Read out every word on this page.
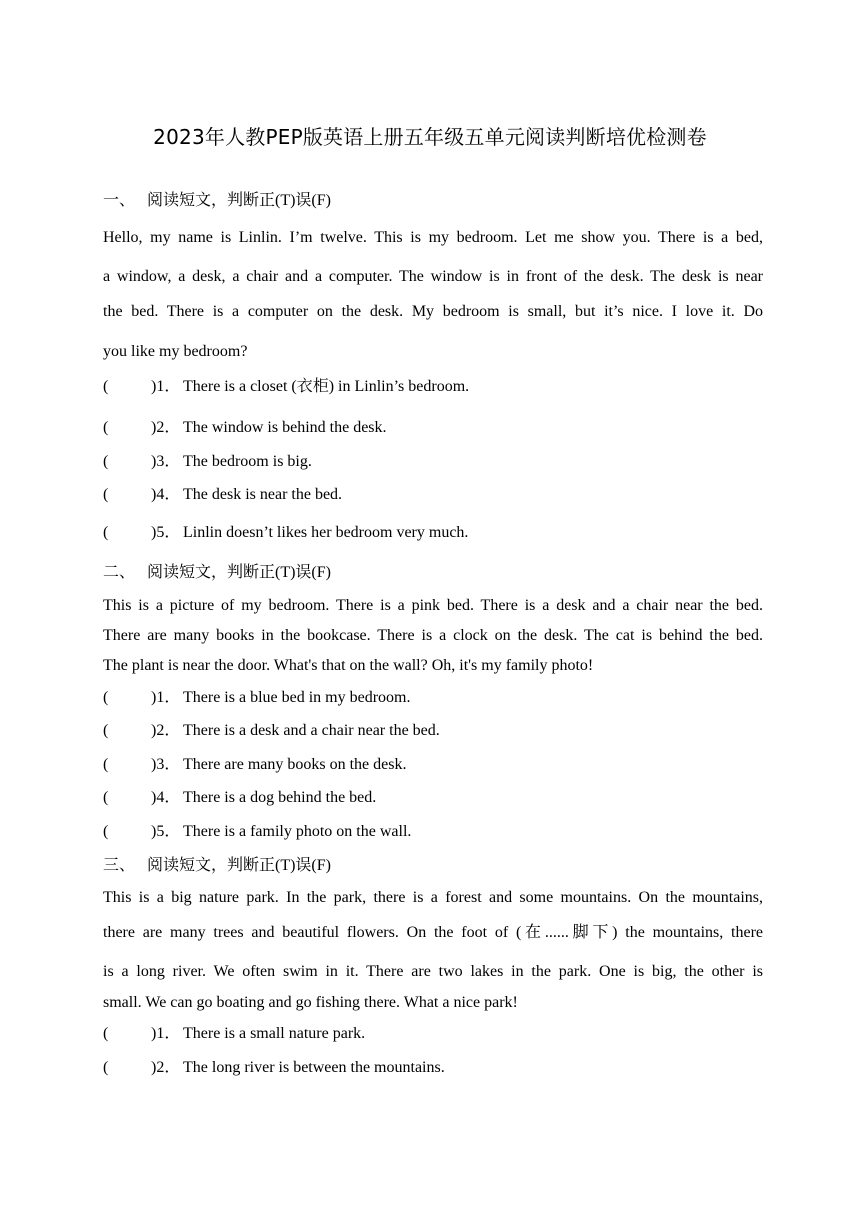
2023年人教PEP版英语上册五年级五单元阅读判断培优检测卷
一、 阅读短文，判断正(T)误(F)
Hello, my name is Linlin. I’m twelve. This is my bedroom. Let me show you. There is a bed,
a window, a desk, a chair and a computer. The window is in front of the desk. The desk is near
the bed. There is a computer on the desk. My bedroom is small, but it’s nice. I love it. Do
you like my bedroom?
(	)1． There is a closet (衣柜) in Linlin’s bedroom.
(	)2． The window is behind the desk.
(	)3． The bedroom is big.
(	)4． The desk is near the bed.
(	)5． Linlin doesn’t likes her bedroom very much.
二、 阅读短文，判断正(T)误(F)
This is a picture of my bedroom. There is a pink bed. There is a desk and a chair near the bed.
There are many books in the bookcase. There is a clock on the desk. The cat is behind the bed.
The plant is near the door. What's that on the wall? Oh, it's my family photo!
(	)1． There is a blue bed in my bedroom.
(	)2． There is a desk and a chair near the bed.
(	)3． There are many books on the desk.
(	)4． There is a dog behind the bed.
(	)5． There is a family photo on the wall.
三、 阅读短文，判断正(T)误(F)
This is a big nature park. In the park, there is a forest and some mountains. On the mountains,
there are many trees and beautiful flowers. On the foot of (在......脚下) the mountains, there
is a long river. We often swim in it. There are two lakes in the park. One is big, the other is
small. We can go boating and go fishing there. What a nice park!
(	)1． There is a small nature park.
(	)2． The long river is between the mountains.
